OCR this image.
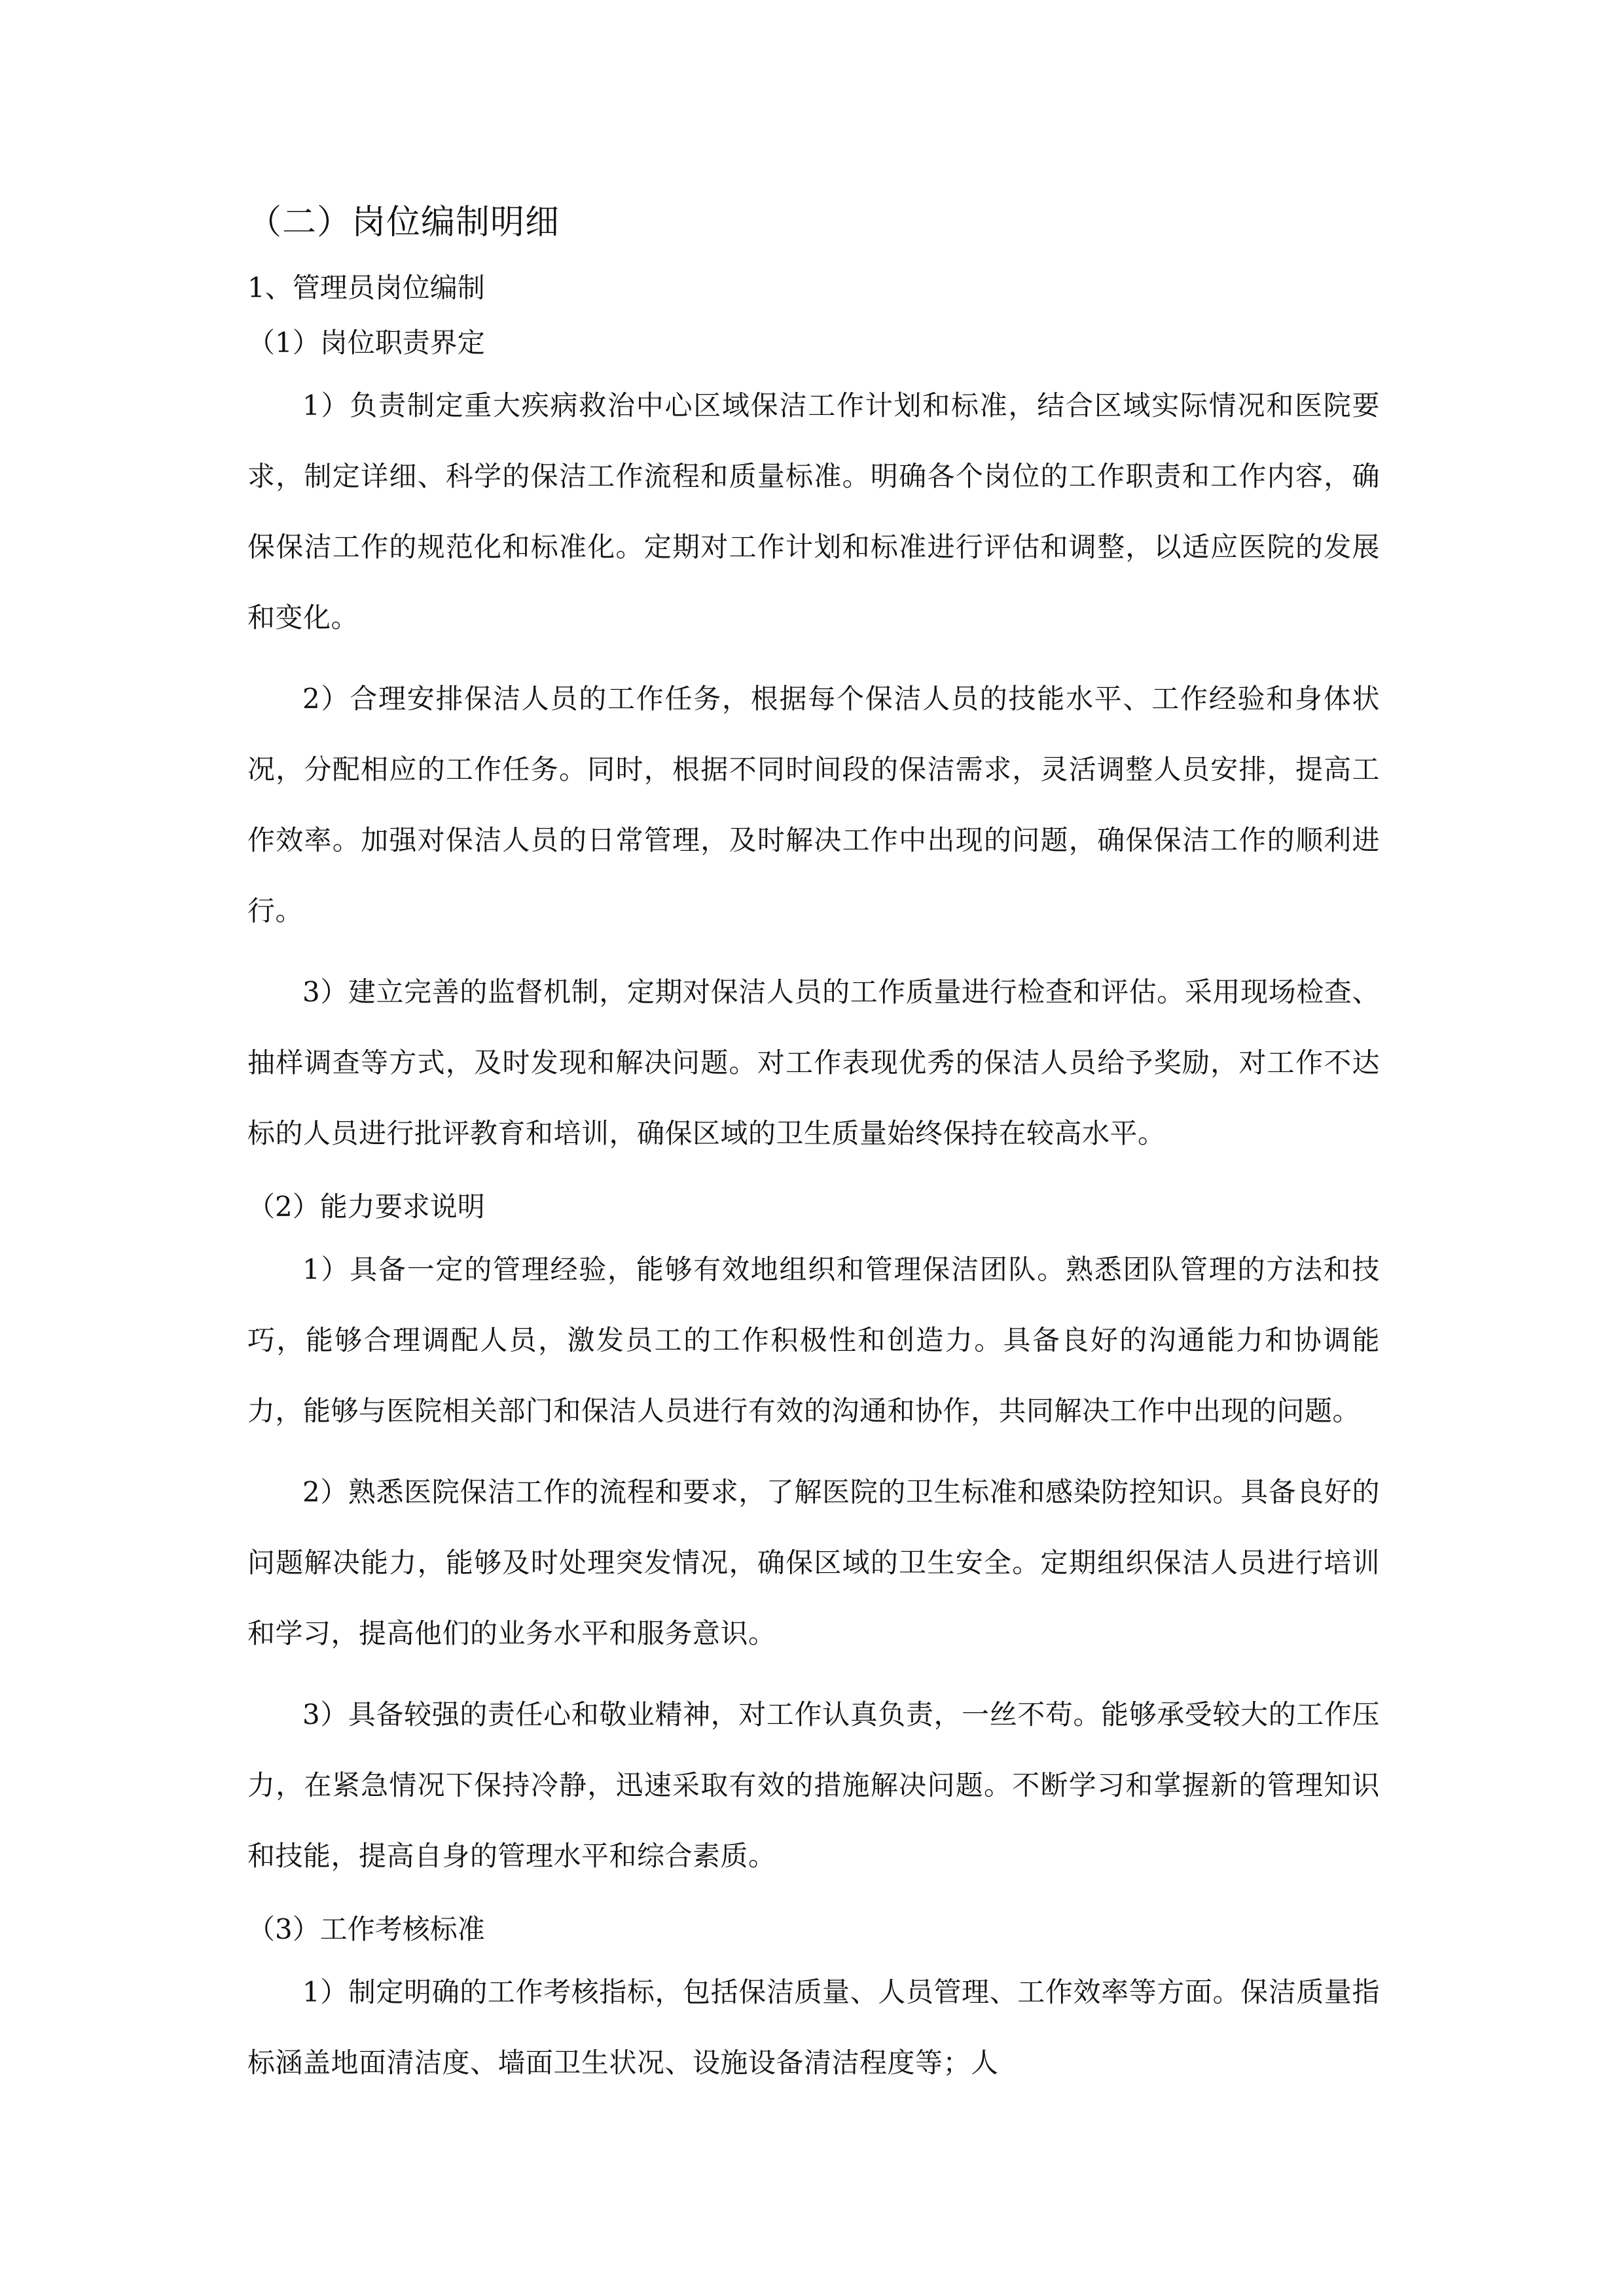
（二）岗位编制明细
1、管理员岗位编制
（1）岗位职责界定

1）负责制定重大疾病救治中心区域保洁工作计划和标准，结合区域实际情况和医院要求，制定详细、科学的保洁工作流程和质量标准。明确各个岗位的工作职责和工作内容，确保保洁工作的规范化和标准化。定期对工作计划和标准进行评估和调整，以适应医院的发展和变化。

2）合理安排保洁人员的工作任务，根据每个保洁人员的技能水平、工作经验和身体状况，分配相应的工作任务。同时，根据不同时间段的保洁需求，灵活调整人员安排，提高工作效率。加强对保洁人员的日常管理，及时解决工作中出现的问题，确保保洁工作的顺利进行。

3）建立完善的监督机制，定期对保洁人员的工作质量进行检查和评估。采用现场检查、抽样调查等方式，及时发现和解决问题。对工作表现优秀的保洁人员给予奖励，对工作不达标的人员进行批评教育和培训，确保区域的卫生质量始终保持在较高水平。

（2）能力要求说明

1）具备一定的管理经验，能够有效地组织和管理保洁团队。熟悉团队管理的方法和技巧，能够合理调配人员，激发员工的工作积极性和创造力。具备良好的沟通能力和协调能力，能够与医院相关部门和保洁人员进行有效的沟通和协作，共同解决工作中出现的问题。

2）熟悉医院保洁工作的流程和要求，了解医院的卫生标准和感染防控知识。具备良好的问题解决能力，能够及时处理突发情况，确保区域的卫生安全。定期组织保洁人员进行培训和学习，提高他们的业务水平和服务意识。

3）具备较强的责任心和敬业精神，对工作认真负责，一丝不苟。能够承受较大的工作压力，在紧急情况下保持冷静，迅速采取有效的措施解决问题。不断学习和掌握新的管理知识和技能，提高自身的管理水平和综合素质。

（3）工作考核标准

1）制定明确的工作考核指标，包括保洁质量、人员管理、工作效率等方面。保洁质量指标涵盖地面清洁度、墙面卫生状况、设施设备清洁程度等；人
